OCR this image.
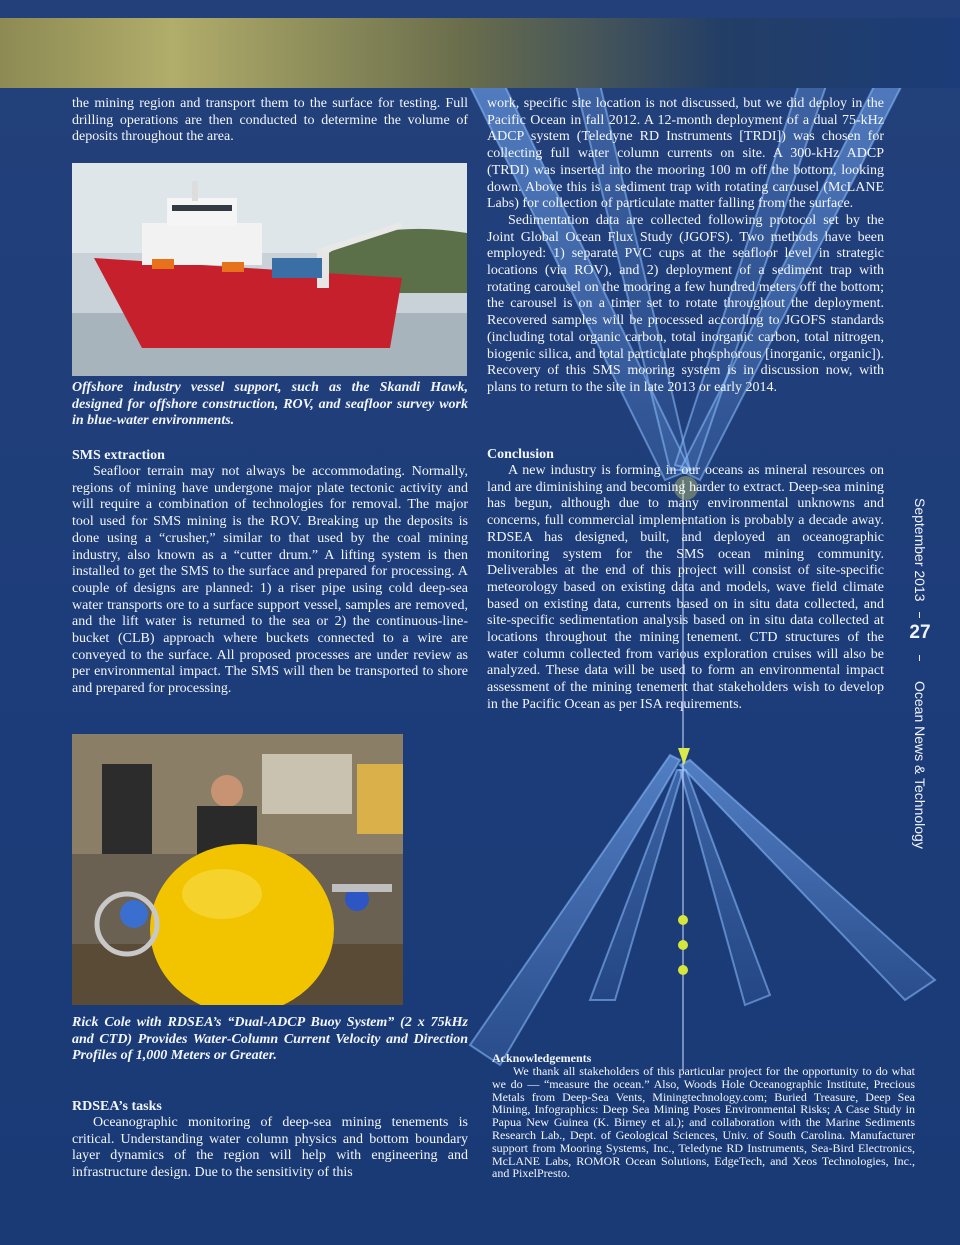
the mining region and transport them to the surface for testing. Full drilling operations are then conducted to determine the volume of deposits throughout the area.

Offshore industry vessel support, such as the Skandi Hawk, designed for offshore construction, ROV, and seafloor survey work in blue-water environments.

SMS extraction

Seafloor terrain may not always be accommodating. Normally, regions of mining have undergone major plate tectonic activity and will require a combination of technologies for removal. The major tool used for SMS mining is the ROV. Breaking up the deposits is done using a “crusher,” similar to that used by the coal mining industry, also known as a “cutter drum.” A lifting system is then installed to get the SMS to the surface and prepared for processing. A couple of designs are planned: 1) a riser pipe using cold deep-sea water transports ore to a surface support vessel, samples are removed, and the lift water is returned to the sea or 2) the continuous-line-bucket (CLB) approach where buckets connected to a wire are conveyed to the surface. All proposed processes are under review as per environmental impact. The SMS will then be transported to shore and prepared for processing.

Rick Cole with RDSEA’s “Dual-ADCP Buoy System” (2 x 75kHz and CTD) Provides Water-Column Current Velocity and Direction Profiles of 1,000 Meters or Greater.

RDSEA’s tasks

Oceanographic monitoring of deep-sea mining tenements is critical. Understanding water column physics and bottom boundary layer dynamics of the region will help with engineering and infrastructure design. Due to the sensitivity of this

work, specific site location is not discussed, but we did deploy in the Pacific Ocean in fall 2012. A 12-month deployment of a dual 75-kHz ADCP system (Teledyne RD Instruments [TRDI]) was chosen for collecting full water column currents on site. A 300-kHz ADCP (TRDI) was inserted into the mooring 100 m off the bottom, looking down. Above this is a sediment trap with rotating carousel (McLANE Labs) for collection of particulate matter falling from the surface.

Sedimentation data are collected following protocol set by the Joint Global Ocean Flux Study (JGOFS). Two methods have been employed: 1) separate PVC cups at the seafloor level in strategic locations (via ROV), and 2) deployment of a sediment trap with rotating carousel on the mooring a few hundred meters off the bottom; the carousel is on a timer set to rotate throughout the deployment. Recovered samples will be processed according to JGOFS standards (including total organic carbon, total inorganic carbon, total nitrogen, biogenic silica, and total particulate phosphorous [inorganic, organic]). Recovery of this SMS mooring system is in discussion now, with plans to return to the site in late 2013 or early 2014.

Conclusion

A new industry is forming in our oceans as mineral resources on land are diminishing and becoming harder to extract. Deep-sea mining has begun, although due to many environmental unknowns and concerns, full commercial implementation is probably a decade away. RDSEA has designed, built, and deployed an oceanographic monitoring system for the SMS ocean mining community. Deliverables at the end of this project will consist of site-specific meteorology based on existing data and models, wave field climate based on existing data, currents based on in situ data collected, and site-specific sedimentation analysis based on in situ data collected at locations throughout the mining tenement. CTD structures of the water column collected from various exploration cruises will also be analyzed. These data will be used to form an environmental impact assessment of the mining tenement that stakeholders wish to develop in the Pacific Ocean as per ISA requirements.

Acknowledgements

We thank all stakeholders of this particular project for the opportunity to do what we do — “measure the ocean.” Also, Woods Hole Oceanographic Institute, Precious Metals from Deep-Sea Vents, Miningtechnology.com; Buried Treasure, Deep Sea Mining, Infographics: Deep Sea Mining Poses Environmental Risks; A Case Study in Papua New Guinea (K. Birney et al.); and collaboration with the Marine Sediments Research Lab., Dept. of Geological Sciences, Univ. of South Carolina. Manufacturer support from Mooring Systems, Inc., Teledyne RD Instruments, Sea-Bird Electronics, McLANE Labs, ROMOR Ocean Solutions, EdgeTech, and Xeos Technologies, Inc., and PixelPresto.

September 2013
27
Ocean News & Technology
